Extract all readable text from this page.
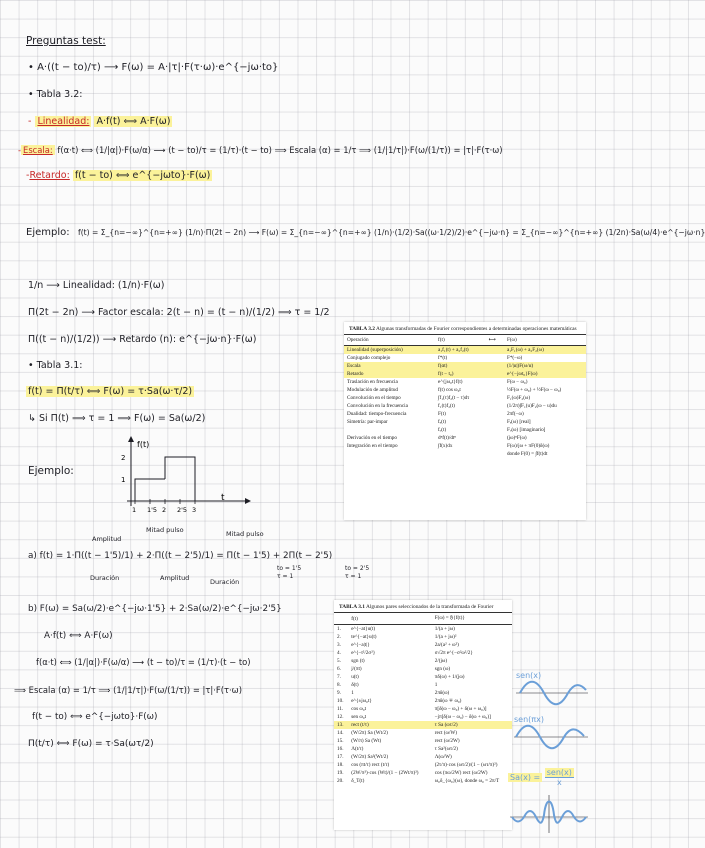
Preguntas test:
• A·((t − to)/τ) ⟶ F(ω) = A·|τ|·F(τ·ω)·e^{−jω·to}
• Tabla 3.2:
- Linealidad: A·f(t) ⟺ A·F(ω)
- Escala: f(α·t) ⟺ (1/|α|)·F(ω/α) ⟶ (t − to)/τ = (1/τ)·(t − to) ⟹ Escala (α) = 1/τ ⟹ (1/|1/τ|)·F(ω/(1/τ)) = |τ|·F(τ·ω)
-Retardo: f(t − to) ⟺ e^{−jωto}·F(ω)
Ejemplo: f(t) = Σ_{n=−∞}^{n=+∞} (1/n)·Π(2t − 2n) ⟶ F(ω) = Σ_{n=−∞}^{n=+∞} (1/n)·(1/2)·Sa((ω·1/2)/2)·e^{−jω·n} = Σ_{n=−∞}^{n=+∞} (1/2n)·Sa(ω/4)·e^{−jω·n}
1/n ⟶ Linealidad: (1/n)·F(ω)
Π(2t − 2n) ⟶ Factor escala: 2(t − n) = (t − n)/(1/2) ⟹ τ = 1/2
Π((t − n)/(1/2)) ⟶ Retardo (n): e^{−jω·n}·F(ω)
• Tabla 3.1:
f(t) = Π(t/τ) ⟺ F(ω) = τ·Sa(ω·τ/2)
↳ Si Π(t) ⟹ τ = 1 ⟹ F(ω) = Sa(ω/2)
Ejemplo:
f(t)
t
1 1'5 2 2'5 3
1
2
a) f(t) = 1·Π((t − 1'5)/1) + 2·Π((t − 2'5)/1) = Π(t − 1'5) + 2Π(t − 2'5)
Amplitud
Mitad pulso	Mitad pulso
Duración	Amplitud	Duración
to = 1'5
τ = 1
to = 2'5
τ = 1
b) F(ω) = Sa(ω/2)·e^{−jω·1'5} + 2·Sa(ω/2)·e^{−jω·2'5}
A·f(t) ⟺ A·F(ω)
f(α·t) ⟺ (1/|α|)·F(ω/α) ⟶ (t − to)/τ = (1/τ)·(t − to)
⟹ Escala (α) = 1/τ ⟹ (1/|1/τ|)·F(ω/(1/τ)) = |τ|·F(τ·ω)
f(t − to) ⟺ e^{−jωto}·F(ω)
Π(t/τ) ⟺ F(ω) = τ·Sa(ωτ/2)
TABLA 3.2 Algunas transformadas de Fourier correspondientes a determinadas operaciones matemáticas
Operación	f(t)	⟷	F(ω)
Linealidad (superposición)	a₁f₁(t) + a₂f₂(t)		a₁F₁(ω) + a₂F₂(ω)
Conjugado complejo	f*(t)		F*(−ω)
Escala	f(αt)		(1/|α|)F(ω/α)
Retardo	f(t − t₀)		e^{−jωt₀}F(ω)
Traslación en frecuencia	e^{jω₀t}f(t)		F(ω − ω₀)
Modulación de amplitud	f(t) cos ω₀t		½F(ω + ω₀) + ½F(ω − ω₀)
Convolución en el tiempo	∫f₁(τ)f₂(t − τ)dτ		F₁(ω)F₂(ω)
Convolución en la frecuencia	f₁(t)f₂(t)		(1/2π)∫F₁(u)F₂(ω − u)du
Dualidad: tiempo-frecuencia	F(t)		2πf(−ω)
Simetría: par-impar	fₑ(t)		Fₑ(ω) [real]
	fₒ(t)		Fₒ(ω) [imaginario]
Derivación en el tiempo	dⁿf(t)/dtⁿ		(jω)ⁿF(ω)
Integración en el tiempo	∫f(x)dx		F(ω)/jω + πF(0)δ(ω)
			donde F(0) = ∫f(t)dt
TABLA 3.1 Algunos pares seleccionados de la transformada de Fourier
	f(t)	F(ω) = 𝔉{f(t)}
1.	e^{−at}u(t)	1/(a + jω)
2.	te^{−at}u(t)	1/(a + jω)²
3.	e^{−a|t|}	2a/(a² + ω²)
4.	e^{−t²/2σ²}	σ√2π e^{−σ²ω²/2}
5.	sgn (t)	2/(jω)
6.	j/(πt)	sgn (ω)
7.	u(t)	πδ(ω) + 1/(jω)
8.	δ(t)	1
9.	1	2πδ(ω)
10.	e^{±jω₀t}	2πδ(ω ∓ ω₀)
11.	cos ω₀t	π[δ(ω − ω₀) + δ(ω + ω₀)]
12.	sen ω₀t	−jπ[δ(ω − ω₀) − δ(ω + ω₀)]
13.	rect (t/τ)	τ Sa (ωτ/2)
14.	(W/2π) Sa (Wt/2)	rect (ω/W)
15.	(W/π) Sa (Wt)	rect (ω/2W)
16.	Λ(t/τ)	τ Sa²(ωτ/2)
17.	(W/2π) Sa²(Wt/2)	Λ(ω/W)
18.	cos (πt/τ) rect (t/τ)	(2τ/π)·cos (ωτ/2)/(1 − (ωτ/π)²)
19.	(2W/π²)·cos (Wt)/(1 − (2Wt/π)²)	cos (πω/2W) rect (ω/2W)
20.	δ_T(t)	ω₀δ_{ω₀}(ω), donde ω₀ = 2π/T
sen(x)
sen(πx)
Sa(x) =
sen(x)
x
